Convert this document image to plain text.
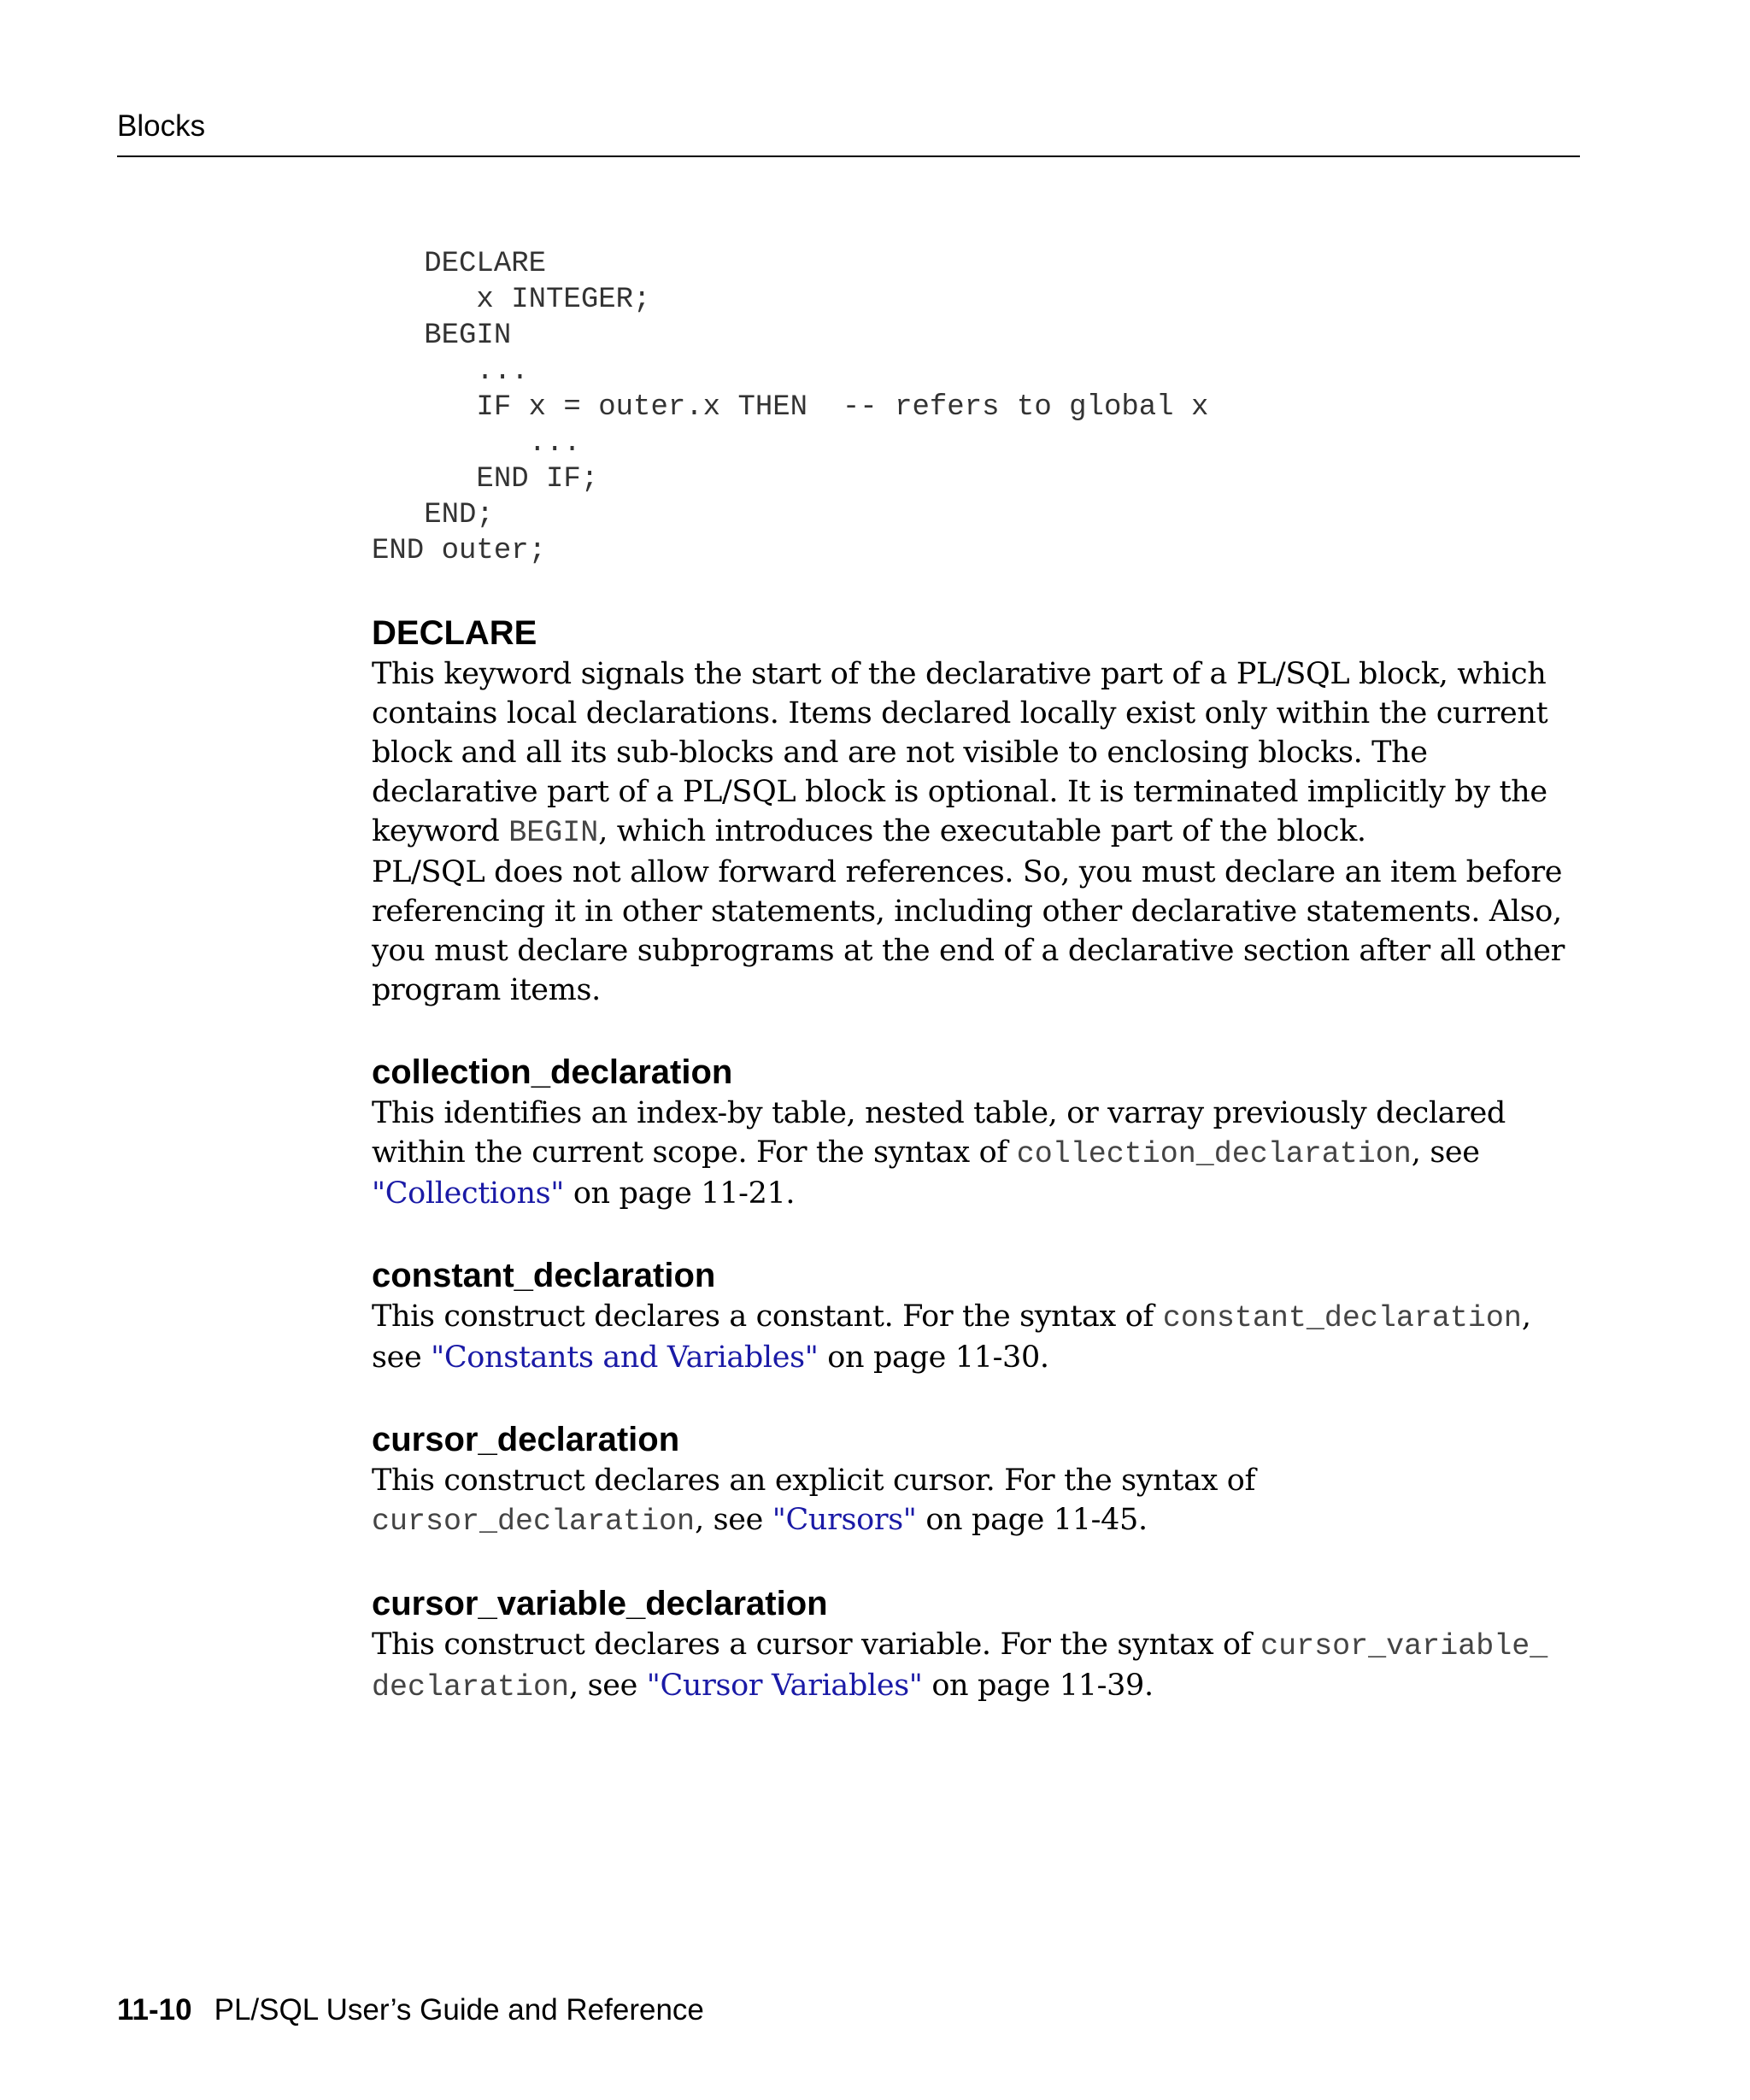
Blocks
DECLARE
x INTEGER;
BEGIN
...
IF x = outer.x THEN  -- refers to global x
...
END IF;
END;
END outer;
DECLARE

This keyword signals the start of the declarative part of a PL/SQL block, which contains local declarations. Items declared locally exist only within the current block and all its sub-blocks and are not visible to enclosing blocks. The declarative part of a PL/SQL block is optional. It is terminated implicitly by the keyword BEGIN, which introduces the executable part of the block.

PL/SQL does not allow forward references. So, you must declare an item before referencing it in other statements, including other declarative statements. Also, you must declare subprograms at the end of a declarative section after all other program items.

collection_declaration

This identifies an index-by table, nested table, or varray previously declared within the current scope. For the syntax of collection_declaration, see "Collections" on page 11-21.

constant_declaration

This construct declares a constant. For the syntax of constant_declaration, see "Constants and Variables" on page 11-30.

cursor_declaration

This construct declares an explicit cursor. For the syntax of cursor_declaration, see "Cursors" on page 11-45.

cursor_variable_declaration

This construct declares a cursor variable. For the syntax of cursor_variable_
declaration, see "Cursor Variables" on page 11-39.

11-10 PL/SQL User’s Guide and Reference
